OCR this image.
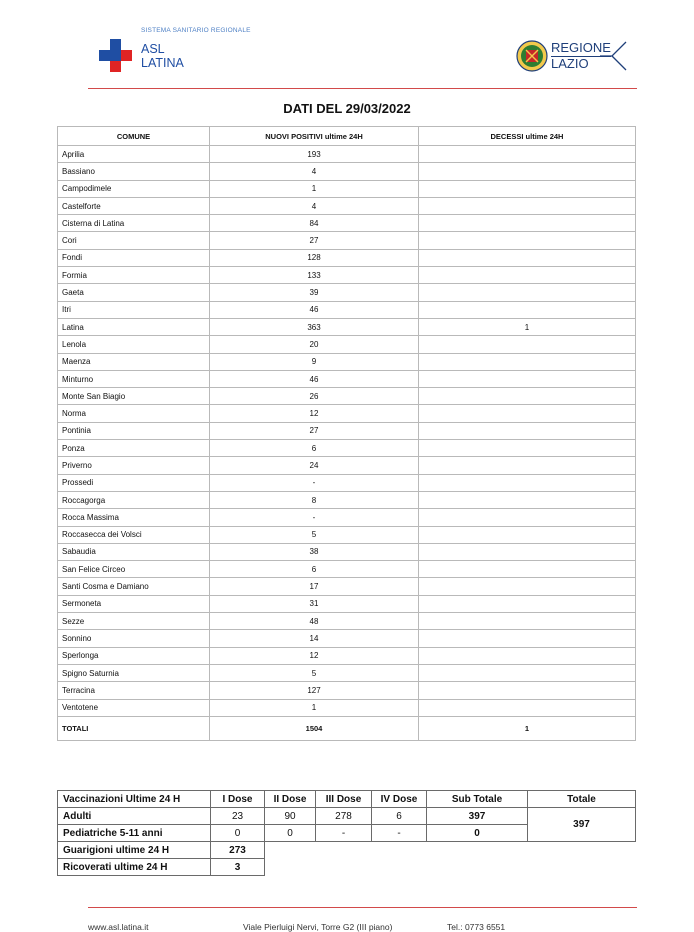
SISTEMA SANITARIO REGIONALE
ASL
LATINA
REGIONE
LAZIO
DATI DEL 29/03/2022
COMUNE	NUOVI POSITIVI ultime 24H	DECESSI ultime 24H
Aprilia	193	
Bassiano	4	
Campodimele	1	
Castelforte	4	
Cisterna di Latina	84	
Cori	27	
Fondi	128	
Formia	133	
Gaeta	39	
Itri	46	
Latina	363	1
Lenola	20	
Maenza	9	
Minturno	46	
Monte San Biagio	26	
Norma	12	
Pontinia	27	
Ponza	6	
Priverno	24	
Prossedi	-	
Roccagorga	8	
Rocca Massima	-	
Roccasecca dei Volsci	5	
Sabaudia	38	
San Felice Circeo	6	
Santi Cosma e Damiano	17	
Sermoneta	31	
Sezze	48	
Sonnino	14	
Sperlonga	12	
Spigno Saturnia	5	
Terracina	127	
Ventotene	1	
TOTALI	1504	1
Vaccinazioni Ultime 24 H	I Dose	II Dose	III Dose	IV Dose	Sub Totale	Totale
Adulti	23	90	278	6	397	397
Pediatriche 5-11 anni	0	0	-	-	0	
Guarigioni ultime 24 H	273					
Ricoverati ultime 24 H	3					
www.asl.latina.it	Viale Pierluigi Nervi, Torre G2 (III piano)	Tel.: 0773 6551
